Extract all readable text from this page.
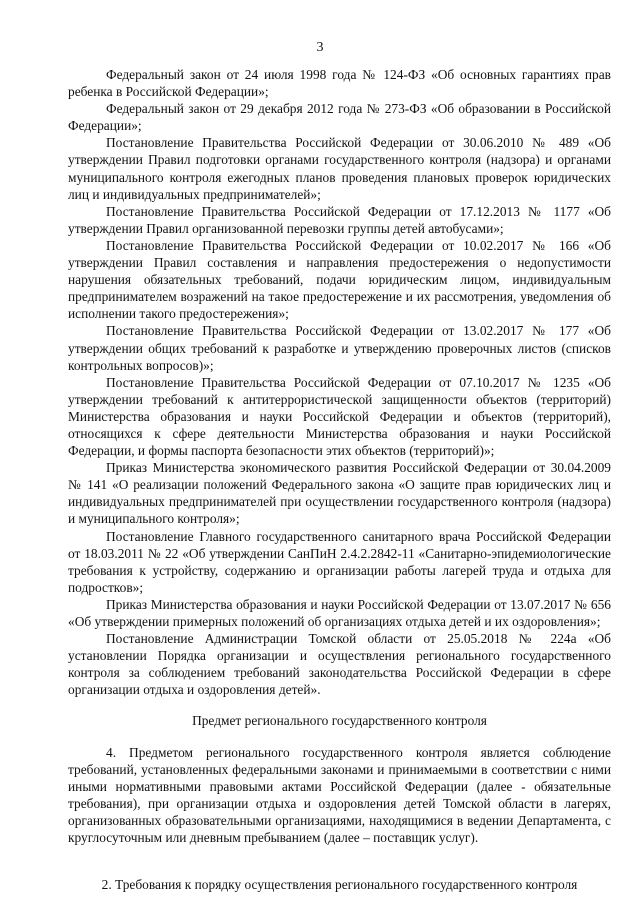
3

Федеральный закон от 24 июля 1998 года № 124-ФЗ «Об основных гарантиях прав ребенка в Российской Федерации»;

Федеральный закон от 29 декабря 2012 года № 273-ФЗ «Об образовании в Российской Федерации»;

Постановление Правительства Российской Федерации от 30.06.2010 № 489 «Об утверждении Правил подготовки органами государственного контроля (надзора) и органами муниципального контроля ежегодных планов проведения плановых проверок юридических лиц и индивидуальных предпринимателей»;

Постановление Правительства Российской Федерации от 17.12.2013 № 1177 «Об утверждении Правил организованной перевозки группы детей автобусами»;

Постановление Правительства Российской Федерации от 10.02.2017 № 166 «Об утверждении Правил составления и направления предостережения о недопустимости нарушения обязательных требований, подачи юридическим лицом, индивидуальным предпринимателем возражений на такое предостережение и их рассмотрения, уведомления об исполнении такого предостережения»;

Постановление Правительства Российской Федерации от 13.02.2017 № 177 «Об утверждении общих требований к разработке и утверждению проверочных листов (списков контрольных вопросов)»;

Постановление Правительства Российской Федерации от 07.10.2017 № 1235 «Об утверждении требований к антитеррористической защищенности объектов (территорий) Министерства образования и науки Российской Федерации и объектов (территорий), относящихся к сфере деятельности Министерства образования и науки Российской Федерации, и формы паспорта безопасности этих объектов (территорий)»;

Приказ Министерства экономического развития Российской Федерации от 30.04.2009 № 141 «О реализации положений Федерального закона «О защите прав юридических лиц и индивидуальных предпринимателей при осуществлении государственного контроля (надзора) и муниципального контроля»;

Постановление Главного государственного санитарного врача Российской Федерации от 18.03.2011 № 22 «Об утверждении СанПиН 2.4.2.2842-11 «Санитарно-эпидемиологические требования к устройству, содержанию и организации работы лагерей труда и отдыха для подростков»;

Приказ Министерства образования и науки Российской Федерации от 13.07.2017 № 656 «Об утверждении примерных положений об организациях отдыха детей и их оздоровления»;

Постановление Администрации Томской области от 25.05.2018 № 224а «Об установлении Порядка организации и осуществления регионального государственного контроля за соблюдением требований законодательства Российской Федерации в сфере организации отдыха и оздоровления детей».

Предмет регионального государственного контроля

4. Предметом регионального государственного контроля является соблюдение требований, установленных федеральными законами и принимаемыми в соответствии с ними иными нормативными правовыми актами Российской Федерации (далее - обязательные требования), при организации отдыха и оздоровления детей Томской области в лагерях, организованных образовательными организациями, находящимися в ведении Департамента, с круглосуточным или дневным пребыванием (далее – поставщик услуг).

2. Требования к порядку осуществления регионального государственного контроля
